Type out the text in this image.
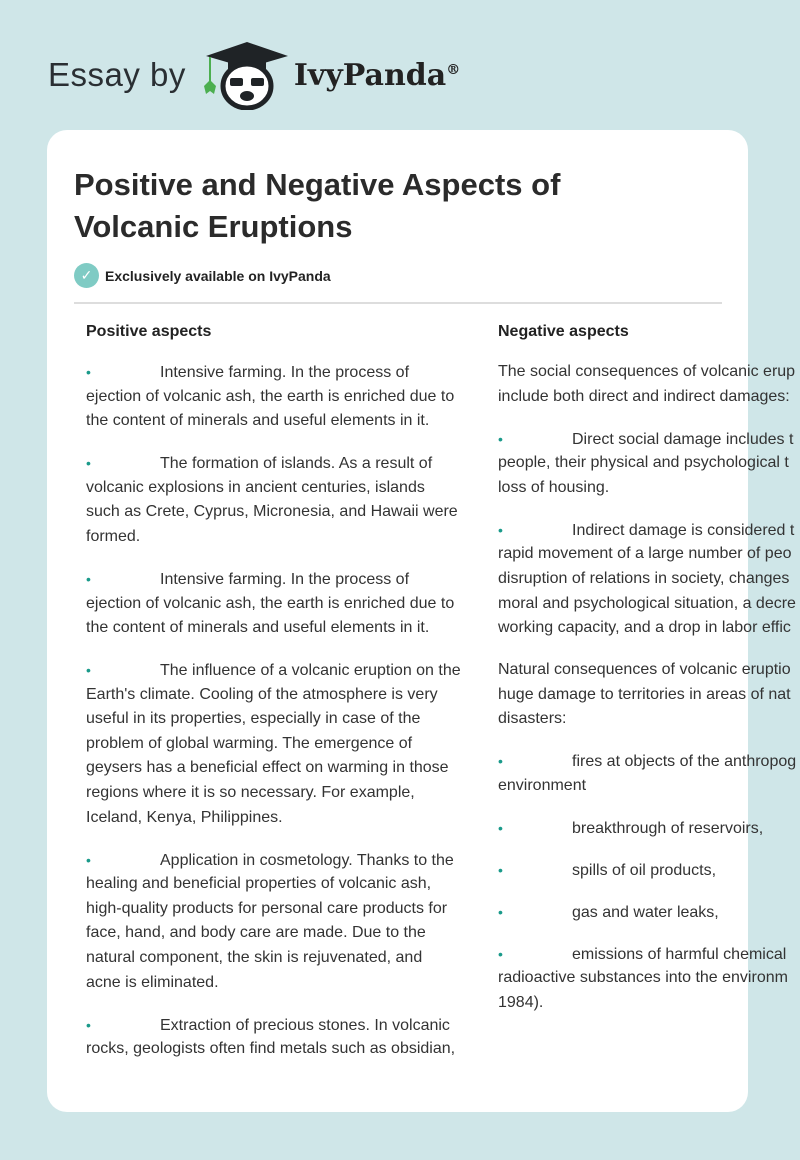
Essay by	IvyPanda®
Positive and Negative Aspects of Volcanic Eruptions
✓ Exclusively available on IvyPanda
Positive aspects
•Intensive farming. In the process of
ejection of volcanic ash, the earth is enriched due to
the content of minerals and useful elements in it.
•The formation of islands. As a result of
volcanic explosions in ancient centuries, islands
such as Crete, Cyprus, Micronesia, and Hawaii were
formed.
•Intensive farming. In the process of
ejection of volcanic ash, the earth is enriched due to
the content of minerals and useful elements in it.
•The influence of a volcanic eruption on the
Earth's climate. Cooling of the atmosphere is very
useful in its properties, especially in case of the
problem of global warming. The emergence of
geysers has a beneficial effect on warming in those
regions where it is so necessary. For example,
Iceland, Kenya, Philippines.
•Application in cosmetology. Thanks to the
healing and beneficial properties of volcanic ash,
high-quality products for personal care products for
face, hand, and body care are made. Due to the
natural component, the skin is rejuvenated, and
acne is eliminated.
•Extraction of precious stones. In volcanic
rocks, geologists often find metals such as obsidian,
Negative aspects
The social consequences of volcanic erup
include both direct and indirect damages:
•Direct social damage includes t
people, their physical and psychological t
loss of housing.
•Indirect damage is considered t
rapid movement of a large number of peo
disruption of relations in society, changes
moral and psychological situation, a decre
working capacity, and a drop in labor effic
Natural consequences of volcanic eruptio
huge damage to territories in areas of nat
disasters:
•fires at objects of the anthropog
environment
•breakthrough of reservoirs,
•spills of oil products,
•gas and water leaks,
•emissions of harmful chemical
radioactive substances into the environm
1984).
